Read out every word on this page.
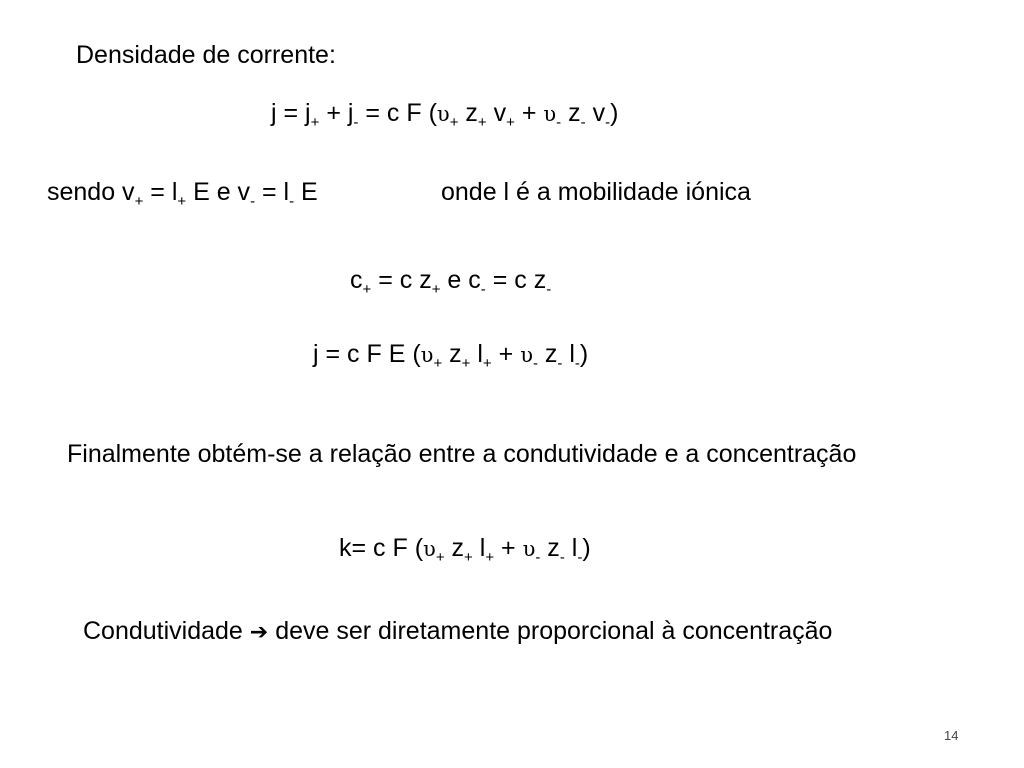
Densidade de corrente:
$j = j_+ + j_- = c$ F ($\upsilon_+$ $z_+$ $v_+ + \upsilon_-$ $z_-$ $v_-$)
sendo $v_+ = l_+$ E e $v_- = l_-$ E	onde l é a mobilidade iónica
$c_+ = c$ $z_+$ e $c_- = c$ $z_-$
j = c F E ($\upsilon_+$ $z_+$ $l_+ + \upsilon_-$ $z_-$ $l_-$)
Finalmente obtém-se a relação entre a condutividade e a concentração
k= c F ($\upsilon_+$ $z_+$ $l_+ + \upsilon_-$ $z_-$ $l_-$)
Condutividade ➔ deve ser diretamente proporcional à concentração
14
